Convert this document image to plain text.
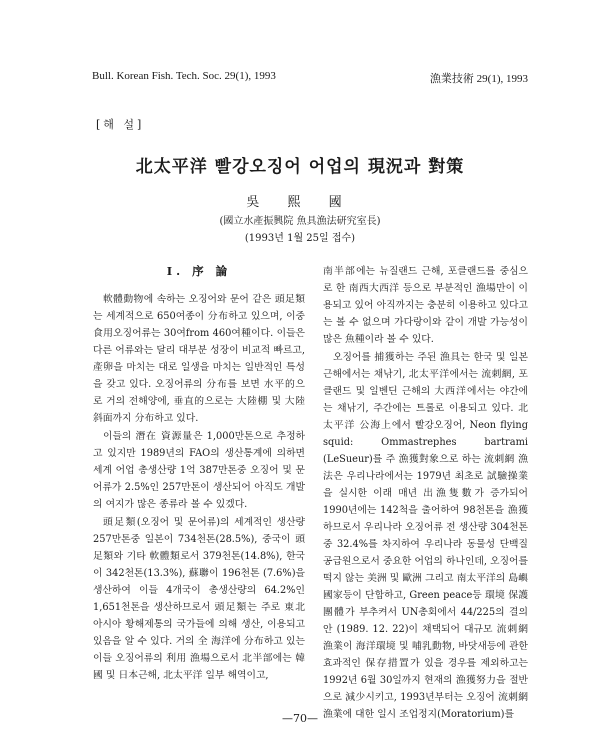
Bull. Korean Fish. Tech. Soc. 29(1), 1993	漁業技術 29(1), 1993
[해 설]
北太平洋 빨강오징어 어업의 現況과 對策
吳 熙 國
(國立水產振興院 魚具漁法研究室長)
(1993년 1월 25일 접수)
I. 序 論

軟體動物에 속하는 오징어와 문어 같은 頭足類는 세계적으로 650여종이 分布하고 있으며, 이중 食用오징어류는 30여from 460여種이다. 이들은 다른 어류와는 달리 대부분 성장이 비교적 빠르고, 產卵을 마치는 대로 일생을 마치는 일반적인 특성을 갖고 있다. 오징어류의 分布를 보면 水平的으로 거의 전해양에, 垂直的으로는 大陸棚 및 大陸斜面까지 分布하고 있다.

이들의 潛在 資源量은 1,000만톤으로 추정하고 있지만 1989년의 FAO의 생산통계에 의하면 세계 어업 총생산량 1억 387만톤중 오징어 및 문어류가 2.5%인 257만톤이 생산되어 아직도 개발의 여지가 많은 종류라 볼 수 있겠다.

頭足類(오징어 및 문어류)의 세계적인 생산량 257만톤중 일본이 734천톤(28.5%), 중국이 頭足類와 기타 軟體類로서 379천톤(14.8%), 한국이 342천톤(13.3%), 蘇聯이 196천톤 (7.6%)을 생산하여 이들 4개국이 총생산량의 64.2%인 1,651천톤을 생산하므로서 頭足類는 주로 東北아시아 황해제통의 국가들에 의해 생산, 이용되고 있음을 알 수 있다. 거의 全 海洋에 分布하고 있는 이들 오징어류의 利用 漁場으로서 北半部에는 韓國 및 日本근해, 北太平洋 일부 해역이고,

南半部에는 뉴질랜드 근해, 포클랜드를 중심으로 한 南西大西洋 등으로 부분적인 漁場만이 이용되고 있어 아직까지는 충분히 이용하고 있다고는 볼 수 없으며 가다랑이와 같이 개발 가능성이 많은 魚種이라 볼 수 있다.

오징어를 捕獲하는 주된 漁具는 한국 및 일본근해에서는 채낚기, 北太平洋에서는 流刺網, 포클랜드 및 일벤딘 근해의 大西洋에서는 야간에는 채낚기, 주간에는 트롤로 이용되고 있다. 北太平洋 公海上에서 빨강오징어, Neon flying squid: Ommastrephes bartrami (LeSueur)를 주 漁獲對象으로 하는 流刺網 漁法은 우리나라에서는 1979년 최초로 試驗操業을 실시한 이래 매년 出漁隻數가 증가되어 1990년에는 142척을 출어하여 98천톤을 漁獲하므로서 우리나라 오징어류 전 생산량 304천톤중 32.4%를 차지하여 우리나라 동물성 단백질 공급원으로서 중요한 어업의 하나인데, 오징어를 떡지 않는 美洲 및 歐洲 그리고 南太平洋의 島嶼 國家등이 단합하고, Green peace등 環境 保護團體가 부추켜서 UN총회에서 44/225의 결의안 (1989. 12. 22)이 채택되어 대규모 流刺網 漁業이 海洋環境 및 哺乳動物, 바닷새등에 관한 효과적인 保存措置가 있을 경우를 제외하고는 1992년 6월 30일까지 현재의 漁獲努力을 절반으로 減少시키고, 1993년부터는 오징어 流刺網 漁業에 대한 일시 조업정지(Moratorium)를

—70—
